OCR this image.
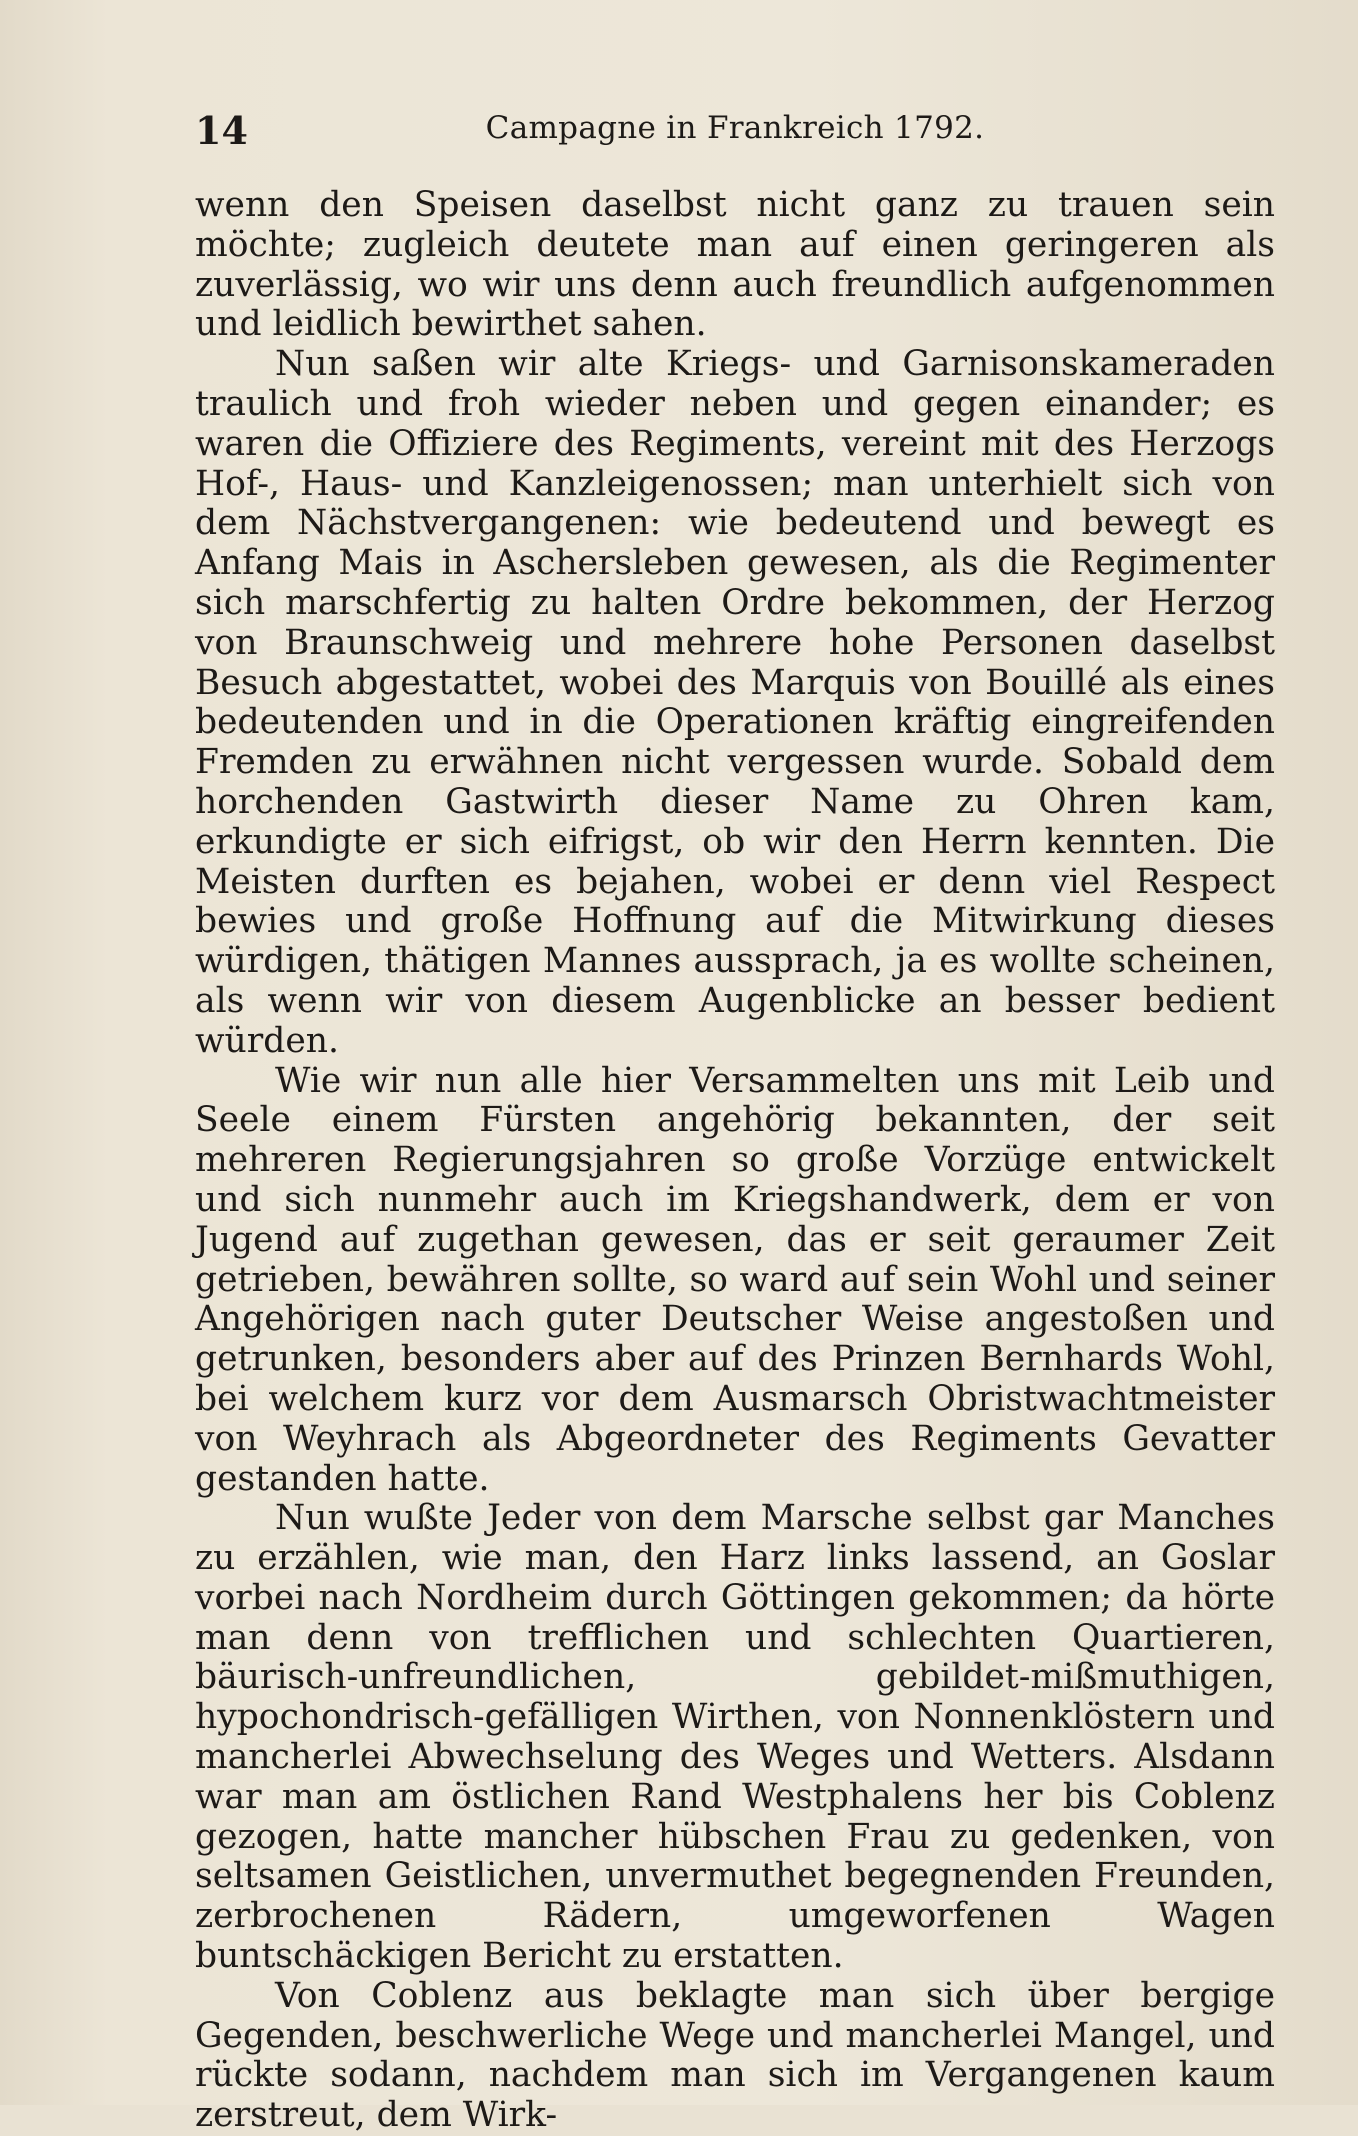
14	Campagne in Frankreich 1792.

wenn den Speisen daselbst nicht ganz zu trauen sein möchte; zugleich deutete man auf einen geringeren als zuverlässig, wo wir uns denn auch freundlich aufgenommen und leidlich bewirthet sahen.

Nun saßen wir alte Kriegs- und Garnisonskameraden traulich und froh wieder neben und gegen einander; es waren die Offiziere des Regiments, vereint mit des Herzogs Hof-, Haus- und Kanzleigenossen; man unterhielt sich von dem Nächstvergangenen: wie bedeutend und bewegt es Anfang Mais in Aschersleben gewesen, als die Regimenter sich marschfertig zu halten Ordre bekommen, der Herzog von Braunschweig und mehrere hohe Personen daselbst Besuch abgestattet, wobei des Marquis von Bouillé als eines bedeutenden und in die Operationen kräftig eingreifenden Fremden zu erwähnen nicht vergessen wurde. Sobald dem horchenden Gastwirth dieser Name zu Ohren kam, erkundigte er sich eifrigst, ob wir den Herrn kennten. Die Meisten durften es bejahen, wobei er denn viel Respect bewies und große Hoffnung auf die Mitwirkung dieses würdigen, thätigen Mannes aussprach, ja es wollte scheinen, als wenn wir von diesem Augenblicke an besser bedient würden.

Wie wir nun alle hier Versammelten uns mit Leib und Seele einem Fürsten angehörig bekannten, der seit mehreren Regierungsjahren so große Vorzüge entwickelt und sich nunmehr auch im Kriegshandwerk, dem er von Jugend auf zugethan gewesen, das er seit geraumer Zeit getrieben, bewähren sollte, so ward auf sein Wohl und seiner Angehörigen nach guter Deutscher Weise angestoßen und getrunken, besonders aber auf des Prinzen Bernhards Wohl, bei welchem kurz vor dem Ausmarsch Obristwachtmeister von Weyhrach als Abgeordneter des Regiments Gevatter gestanden hatte.

Nun wußte Jeder von dem Marsche selbst gar Manches zu erzählen, wie man, den Harz links lassend, an Goslar vorbei nach Nordheim durch Göttingen gekommen; da hörte man denn von trefflichen und schlechten Quartieren, bäurisch-unfreundlichen, gebildet-mißmuthigen, hypochondrisch-gefälligen Wirthen, von Nonnenklöstern und mancherlei Abwechselung des Weges und Wetters. Alsdann war man am östlichen Rand Westphalens her bis Coblenz gezogen, hatte mancher hübschen Frau zu gedenken, von seltsamen Geistlichen, unvermuthet begegnenden Freunden, zerbrochenen Rädern, umgeworfenen Wagen buntschäckigen Bericht zu erstatten.

Von Coblenz aus beklagte man sich über bergige Gegenden, beschwerliche Wege und mancherlei Mangel, und rückte sodann, nachdem man sich im Vergangenen kaum zerstreut, dem Wirk-
